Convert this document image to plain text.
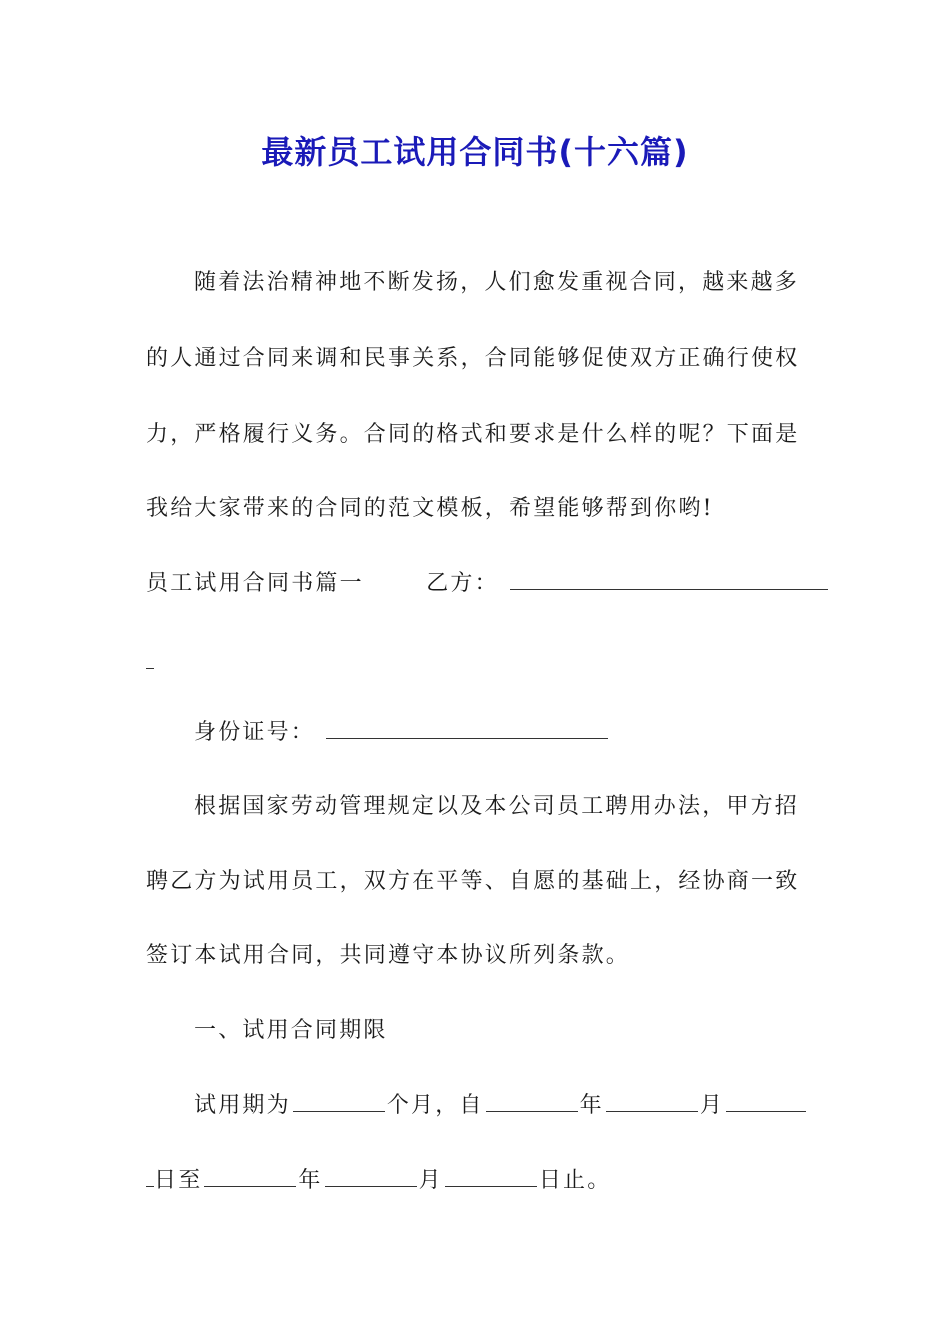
最新员工试用合同书(十六篇)
随着法治精神地不断发扬，人们愈发重视合同，越来越多
的人通过合同来调和民事关系，合同能够促使双方正确行使权
力，严格履行义务。合同的格式和要求是什么样的呢？下面是
我给大家带来的合同的范文模板，希望能够帮到你哟!
员工试用合同书篇一	乙方：
身份证号：
根据国家劳动管理规定以及本公司员工聘用办法，甲方招
聘乙方为试用员工，双方在平等、自愿的基础上，经协商一致
签订本试用合同，共同遵守本协议所列条款。
一、试用合同期限
试用期为	个月，自	年	月
日至	年	月	日止。
